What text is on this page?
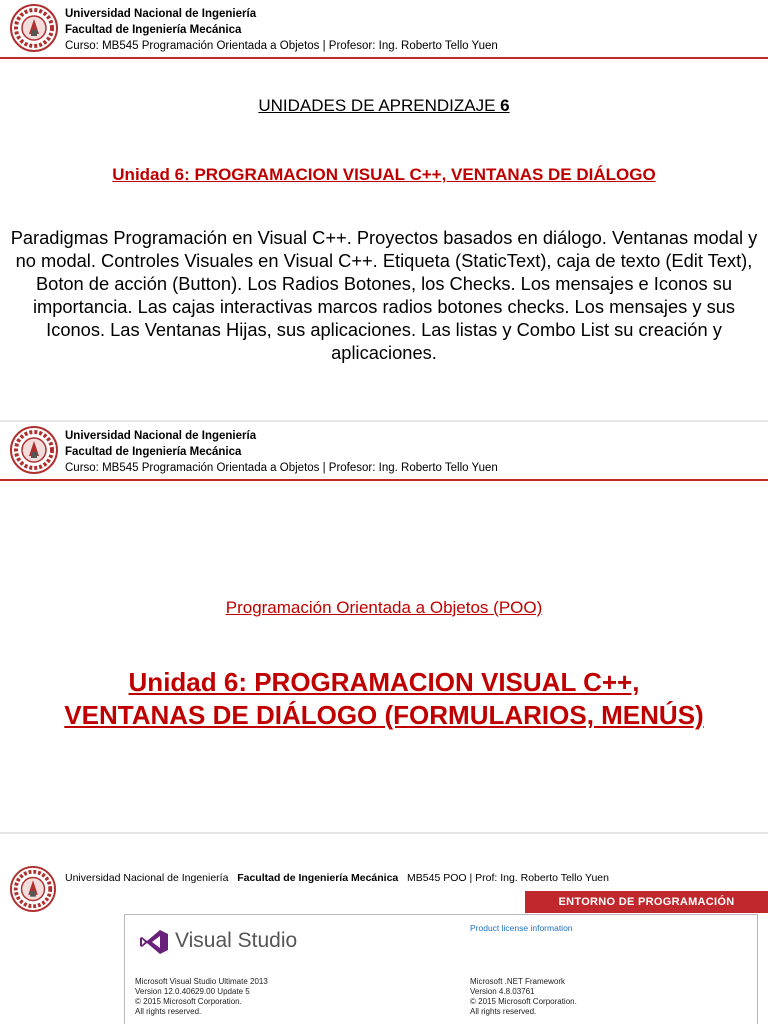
Universidad Nacional de Ingeniería
Facultad de Ingeniería Mecánica
Curso: MB545 Programación Orientada a Objetos | Profesor: Ing. Roberto Tello Yuen
UNIDADES DE APRENDIZAJE 6
Unidad 6: PROGRAMACION VISUAL C++, VENTANAS DE DIÁLOGO
Paradigmas Programación en Visual C++. Proyectos basados en diálogo. Ventanas modal y no modal. Controles Visuales en Visual C++. Etiqueta (StaticText), caja de texto (Edit Text), Boton de acción (Button). Los Radios Botones, los Checks. Los mensajes e Iconos su importancia. Las cajas interactivas marcos radios botones checks. Los mensajes y sus Iconos. Las Ventanas Hijas, sus aplicaciones. Las listas y Combo List su creación y aplicaciones.
Universidad Nacional de Ingeniería
Facultad de Ingeniería Mecánica
Curso: MB545 Programación Orientada a Objetos | Profesor: Ing. Roberto Tello Yuen
Programación Orientada a Objetos (POO)
Unidad 6: PROGRAMACION VISUAL C++,
VENTANAS DE DIÁLOGO (FORMULARIOS, MENÚS)
Universidad Nacional de Ingeniería Facultad de Ingeniería Mecánica MB545 POO | Prof: Ing. Roberto Tello Yuen
ENTORNO DE PROGRAMACIÓN
Visual Studio
Product license information
Microsoft Visual Studio Ultimate 2013
Version 12.0.40629.00 Update 5
© 2015 Microsoft Corporation.
All rights reserved.
Microsoft .NET Framework
Version 4.8.03761
© 2015 Microsoft Corporation.
All rights reserved.
